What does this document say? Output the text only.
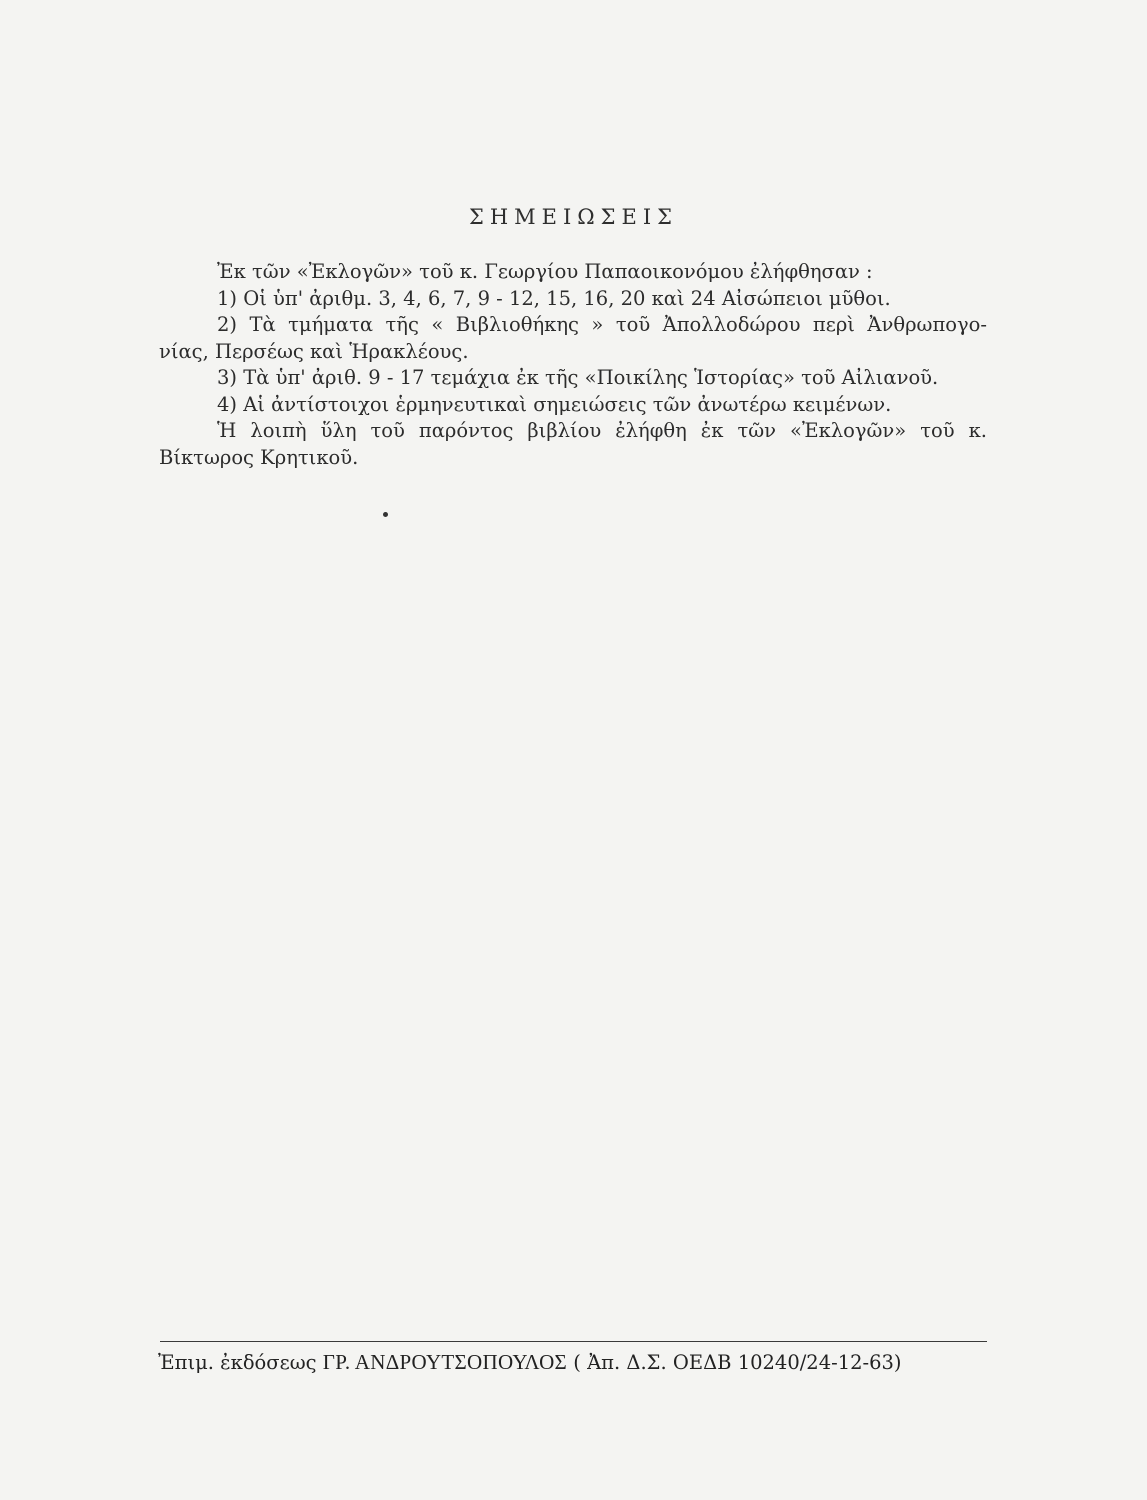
ΣΗΜΕΙΩΣΕΙΣ
Ἐκ τῶν «Ἐκλογῶν» τοῦ κ. Γεωργίου Παπαοικονόμου ἐλήφθησαν :
1) Οἱ ὑπ' ἀριθμ. 3, 4, 6, 7, 9 - 12, 15, 16, 20 καὶ 24 Αἰσώπειοι μῦθοι.
2) Τὰ τμήματα τῆς « Βιβλιοθήκης » τοῦ Ἀπολλοδώρου περὶ Ἀνθρωπογο-
νίας, Περσέως καὶ Ἡρακλέους.
3) Τὰ ὑπ' ἀριθ. 9 - 17 τεμάχια ἐκ τῆς «Ποικίλης Ἱστορίας» τοῦ Αἰλιανοῦ.
4) Αἱ ἀντίστοιχοι ἑρμηνευτικαὶ σημειώσεις τῶν ἀνωτέρω κειμένων.
Ἡ λοιπὴ ὕλη τοῦ παρόντος βιβλίου ἐλήφθη ἐκ τῶν «Ἐκλογῶν» τοῦ κ.
Βίκτωρος Κρητικοῦ.
Ἐπιμ. ἐκδόσεως ΓΡ. ΑΝΔΡΟΥΤΣΟΠΟΥΛΟΣ ( Ἀπ. Δ.Σ. ΟΕΔΒ 10240/24-12-63)
